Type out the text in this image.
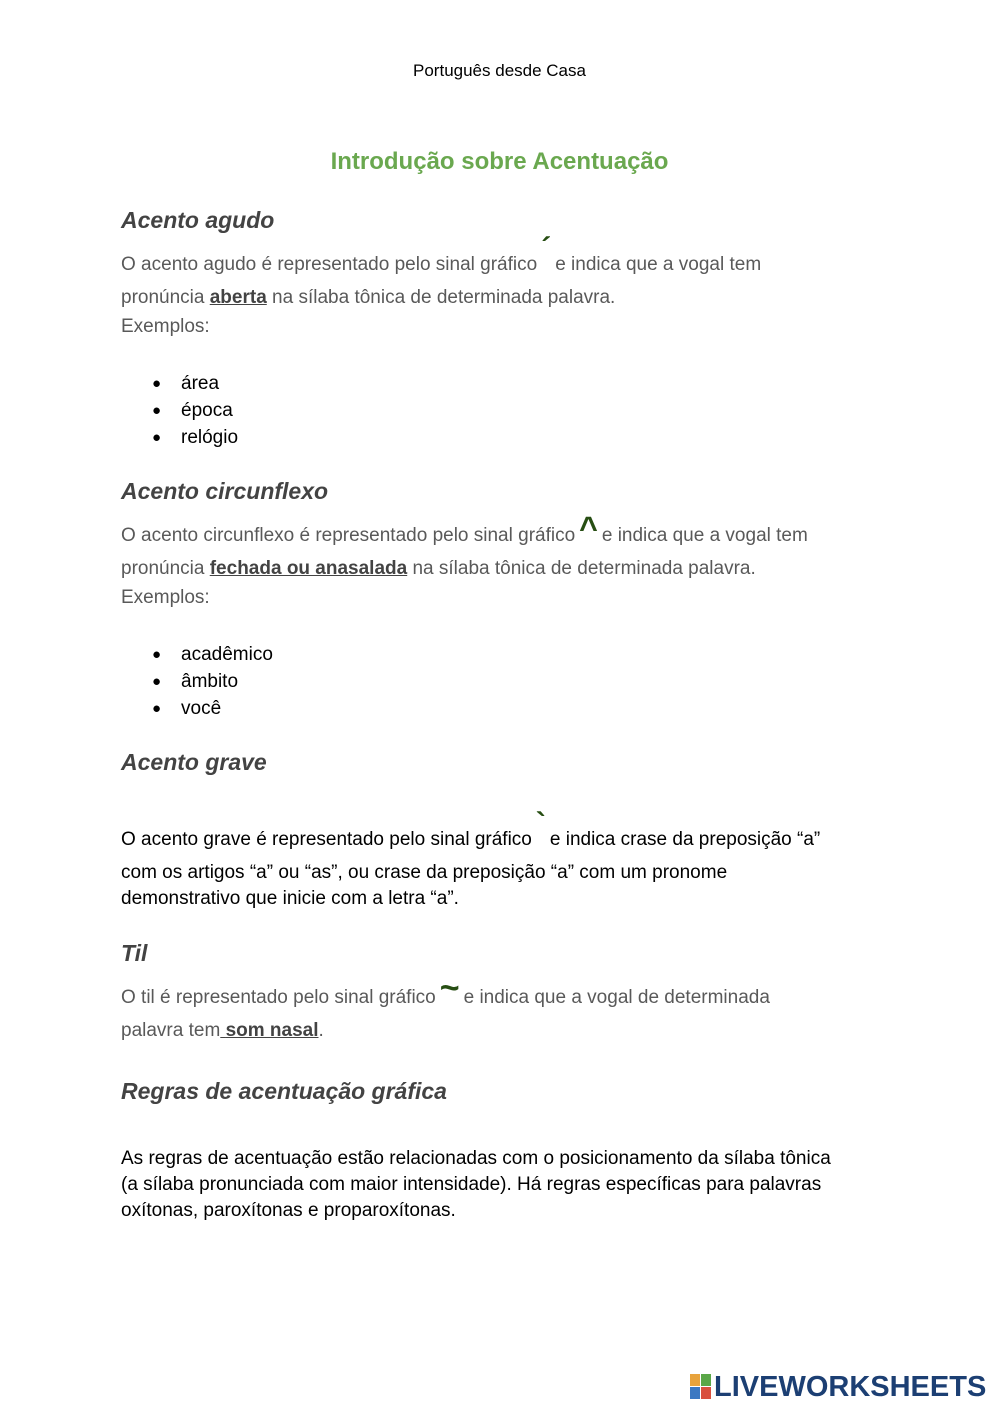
Português desde Casa
Introdução sobre Acentuação
Acento agudo
O acento agudo é representado pelo sinal gráfico ´ e indica que a vogal tem
pronúncia aberta na sílaba tônica de determinada palavra.
Exemplos:
● área
● época
● relógio
Acento circunflexo
O acento circunflexo é representado pelo sinal gráfico ^ e indica que a vogal tem
pronúncia fechada ou anasalada na sílaba tônica de determinada palavra.
Exemplos:
● acadêmico
● âmbito
● você
Acento grave
O acento grave é representado pelo sinal gráfico ` e indica crase da preposição “a”
com os artigos “a” ou “as”, ou crase da preposição “a” com um pronome
demonstrativo que inicie com a letra “a”.
Til
O til é representado pelo sinal gráfico ~ e indica que a vogal de determinada
palavra tem som nasal.
Regras de acentuação gráfica
As regras de acentuação estão relacionadas com o posicionamento da sílaba tônica
(a sílaba pronunciada com maior intensidade). Há regras específicas para palavras
oxítonas, paroxítonas e proparoxítonas.
LIVEWORKSHEETS
